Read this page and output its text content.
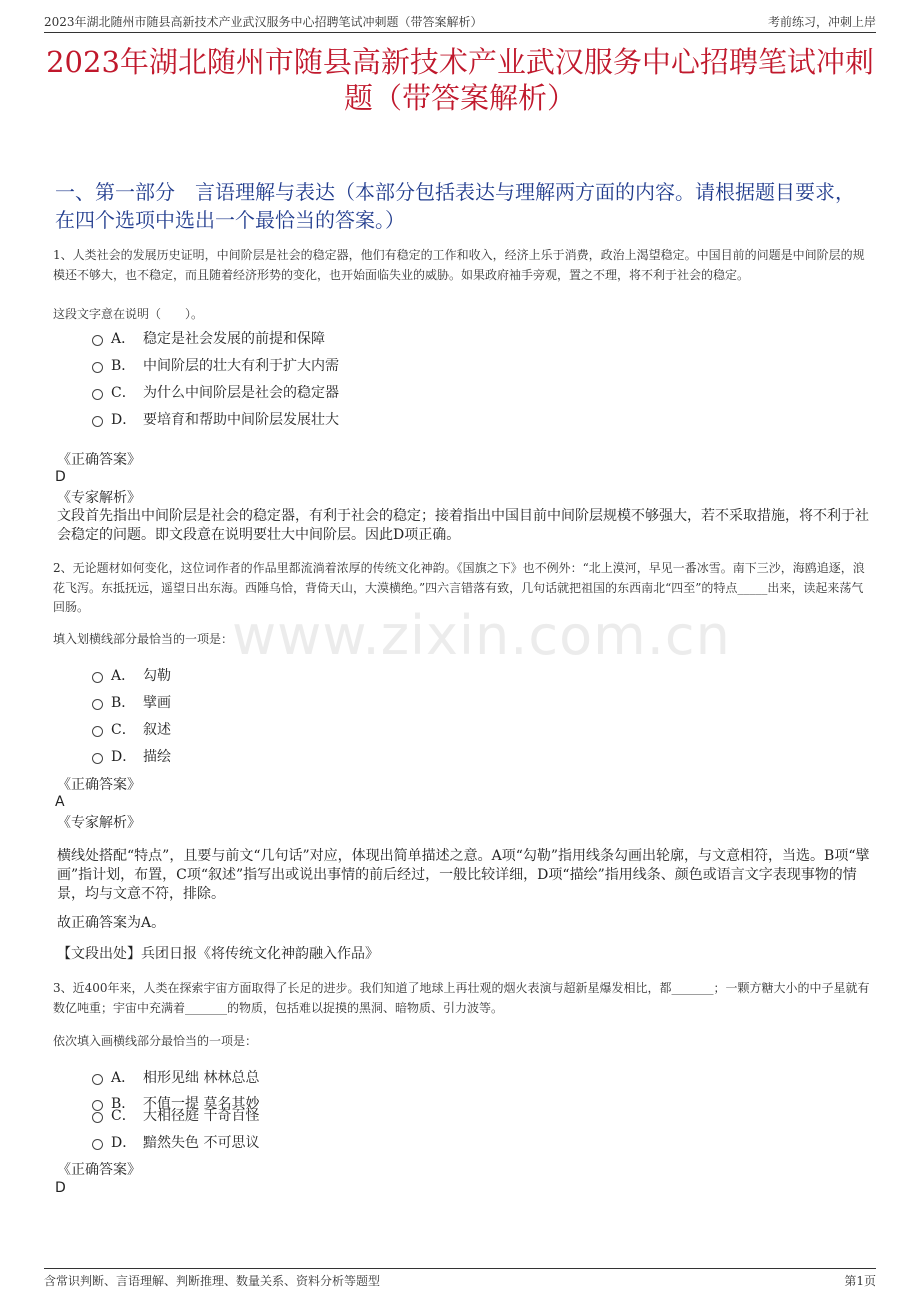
2023年湖北随州市随县高新技术产业武汉服务中心招聘笔试冲刺题（带答案解析）	考前练习，冲刺上岸
2023年湖北随州市随县高新技术产业武汉服务中心招聘笔试冲刺题（带答案解析）
一、第一部分　言语理解与表达（本部分包括表达与理解两方面的内容。请根据题目要求，在四个选项中选出一个最恰当的答案。）
www.zixin.com.cn
1、人类社会的发展历史证明，中间阶层是社会的稳定器，他们有稳定的工作和收入，经济上乐于消费，政治上渴望稳定。中国目前的问题是中间阶层的规模还不够大，也不稳定，而且随着经济形势的变化，也开始面临失业的威胁。如果政府袖手旁观，置之不理，将不利于社会的稳定。
这段文字意在说明（　　）。
A． 稳定是社会发展的前提和保障
B． 中间阶层的壮大有利于扩大内需
C． 为什么中间阶层是社会的稳定器
D． 要培育和帮助中间阶层发展壮大
《正确答案》
D
《专家解析》
文段首先指出中间阶层是社会的稳定器，有利于社会的稳定；接着指出中国目前中间阶层规模不够强大，若不采取措施，将不利于社会稳定的问题。即文段意在说明要壮大中间阶层。因此D项正确。
2、无论题材如何变化，这位词作者的作品里都流淌着浓厚的传统文化神韵。《国旗之下》也不例外：“北上漠河，早见一番冰雪。南下三沙，海鸥追逐，浪花飞泻。东抵抚远，遥望日出东海。西陲乌恰，背倚天山，大漠横绝。”四六言错落有致，几句话就把祖国的东西南北“四至”的特点_____出来，读起来荡气回肠。
填入划横线部分最恰当的一项是：
A． 勾勒
B． 擘画
C． 叙述
D． 描绘
《正确答案》
A
《专家解析》
横线处搭配“特点”，且要与前文“几句话”对应，体现出简单描述之意。A项“勾勒”指用线条勾画出轮廓，与文意相符，当选。B项“擘画”指计划，布置，C项“叙述”指写出或说出事情的前后经过，一般比较详细，D项“描绘”指用线条、颜色或语言文字表现事物的情景，均与文意不符，排除。
故正确答案为A。
【文段出处】兵团日报《将传统文化神韵融入作品》
3、近400年来，人类在探索宇宙方面取得了长足的进步。我们知道了地球上再壮观的烟火表演与超新星爆发相比，都_______；一颗方糖大小的中子星就有数亿吨重；宇宙中充满着_______的物质，包括难以捉摸的黑洞、暗物质、引力波等。
依次填入画横线部分最恰当的一项是：
A． 相形见绌 林林总总
B． 不值一提 莫名其妙
C． 大相径庭 千奇百怪
D． 黯然失色 不可思议
《正确答案》
D
含常识判断、言语理解、判断推理、数量关系、资料分析等题型	第1页
